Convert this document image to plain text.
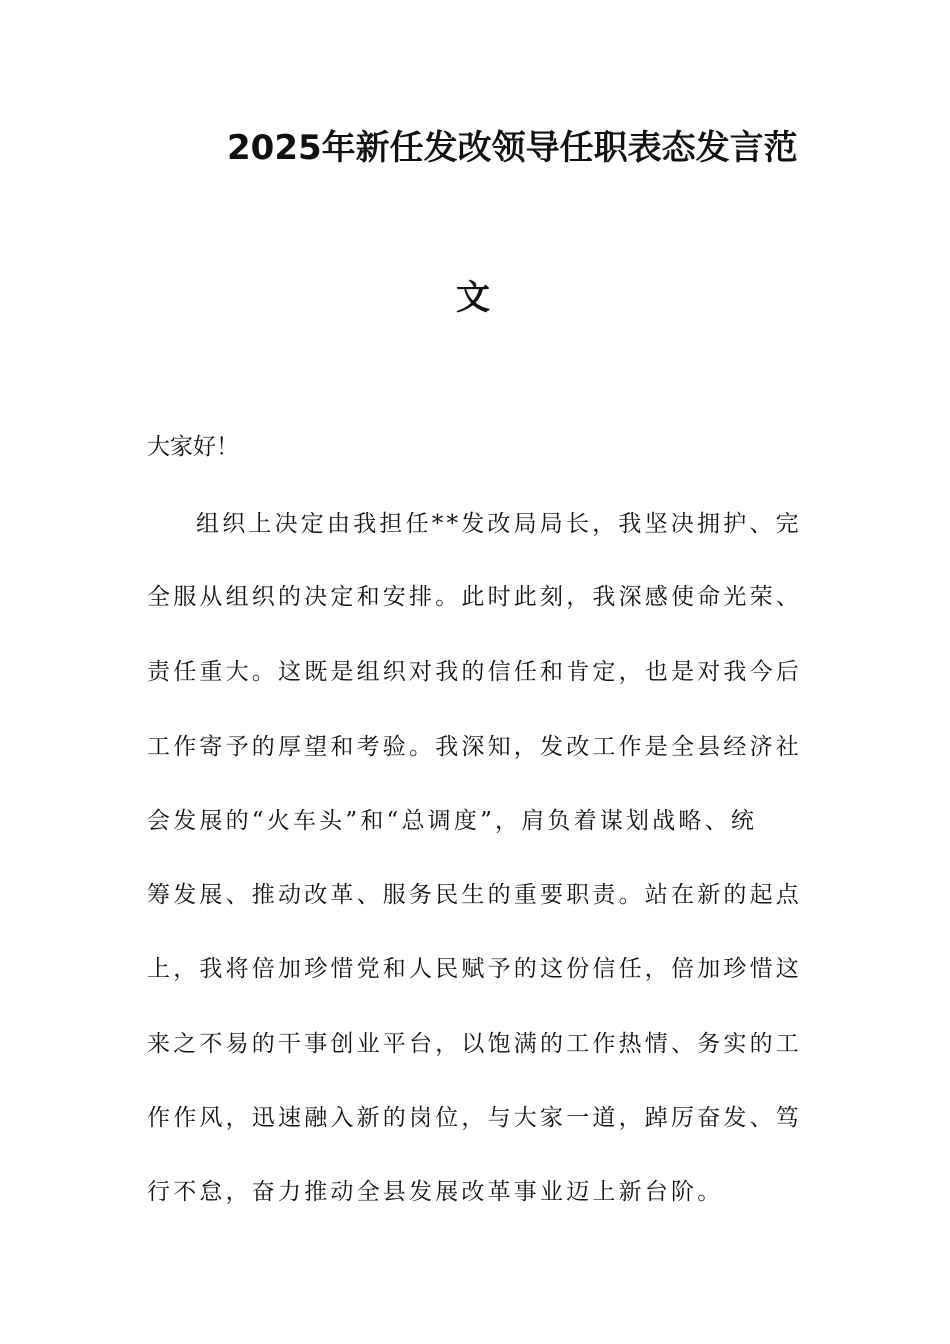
2025年新任发改领导任职表态发言范
文
大家好！
组织上决定由我担任**发改局局长，我坚决拥护、完
全服从组织的决定和安排。此时此刻，我深感使命光荣、
责任重大。这既是组织对我的信任和肯定，也是对我今后
工作寄予的厚望和考验。我深知，发改工作是全县经济社
会发展的“火车头”和“总调度”，肩负着谋划战略、统
筹发展、推动改革、服务民生的重要职责。站在新的起点
上，我将倍加珍惜党和人民赋予的这份信任，倍加珍惜这
来之不易的干事创业平台，以饱满的工作热情、务实的工
作作风，迅速融入新的岗位，与大家一道，踔厉奋发、笃
行不怠，奋力推动全县发展改革事业迈上新台阶。
